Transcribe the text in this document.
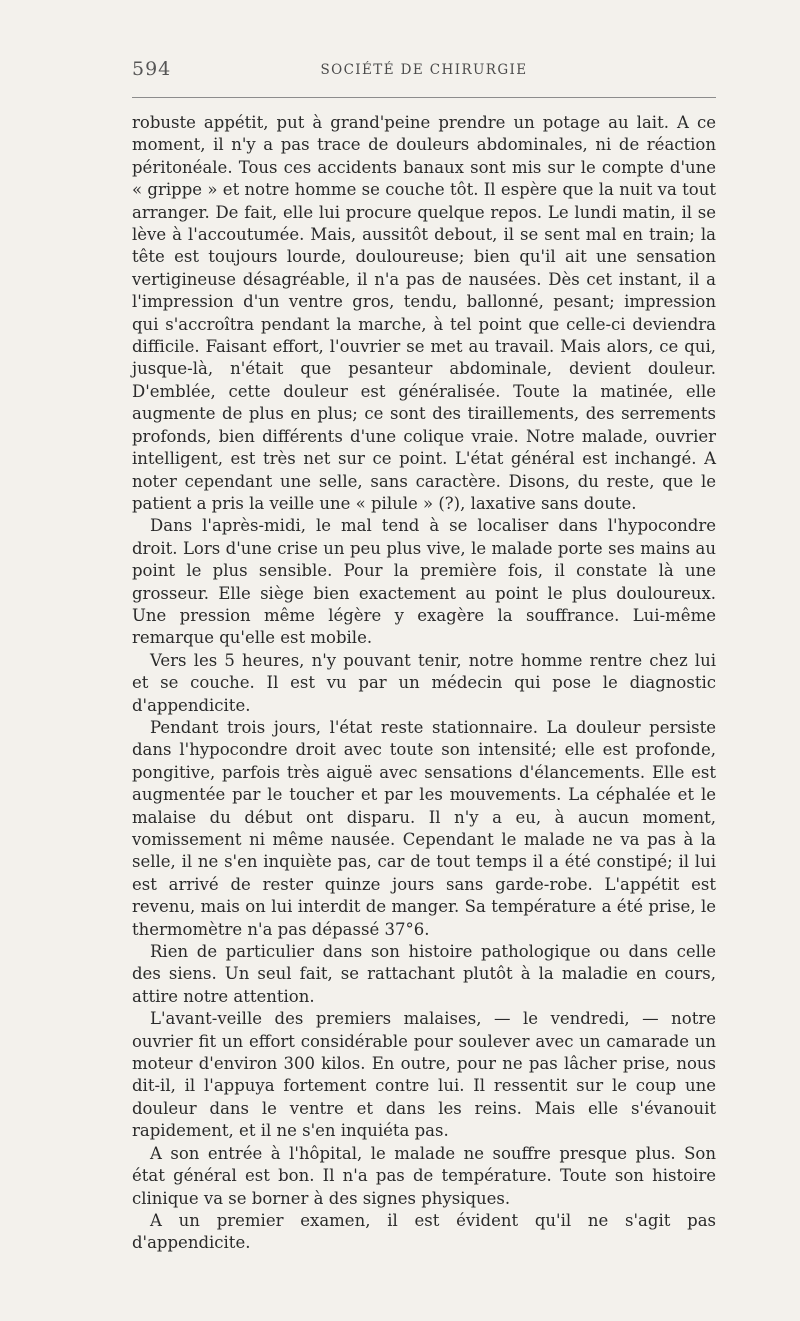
594	SOCIÉTÉ DE CHIRURGIE

robuste appétit, put à grand'peine prendre un potage au lait. A ce moment, il n'y a pas trace de douleurs abdominales, ni de réaction péritonéale. Tous ces accidents banaux sont mis sur le compte d'une « grippe » et notre homme se couche tôt. Il espère que la nuit va tout arranger. De fait, elle lui procure quelque repos. Le lundi matin, il se lève à l'accoutumée. Mais, aussitôt debout, il se sent mal en train; la tête est toujours lourde, douloureuse; bien qu'il ait une sensation vertigineuse désagréable, il n'a pas de nausées. Dès cet instant, il a l'impression d'un ventre gros, tendu, ballonné, pesant; impression qui s'accroîtra pendant la marche, à tel point que celle-ci deviendra difficile. Faisant effort, l'ouvrier se met au travail. Mais alors, ce qui, jusque-là, n'était que pesanteur abdominale, devient douleur. D'emblée, cette douleur est généralisée. Toute la matinée, elle augmente de plus en plus; ce sont des tiraillements, des serrements profonds, bien différents d'une colique vraie. Notre malade, ouvrier intelligent, est très net sur ce point. L'état général est inchangé. A noter cependant une selle, sans caractère. Disons, du reste, que le patient a pris la veille une « pilule » (?), laxative sans doute.

Dans l'après-midi, le mal tend à se localiser dans l'hypocondre droit. Lors d'une crise un peu plus vive, le malade porte ses mains au point le plus sensible. Pour la première fois, il constate là une grosseur. Elle siège bien exactement au point le plus douloureux. Une pression même légère y exagère la souffrance. Lui-même remarque qu'elle est mobile.

Vers les 5 heures, n'y pouvant tenir, notre homme rentre chez lui et se couche. Il est vu par un médecin qui pose le diagnostic d'appendicite.

Pendant trois jours, l'état reste stationnaire. La douleur persiste dans l'hypocondre droit avec toute son intensité; elle est profonde, pongitive, parfois très aiguë avec sensations d'élancements. Elle est augmentée par le toucher et par les mouvements. La céphalée et le malaise du début ont disparu. Il n'y a eu, à aucun moment, vomissement ni même nausée. Cependant le malade ne va pas à la selle, il ne s'en inquiète pas, car de tout temps il a été constipé; il lui est arrivé de rester quinze jours sans garde-robe. L'appétit est revenu, mais on lui interdit de manger. Sa température a été prise, le thermomètre n'a pas dépassé 37°6.

Rien de particulier dans son histoire pathologique ou dans celle des siens. Un seul fait, se rattachant plutôt à la maladie en cours, attire notre attention.

L'avant-veille des premiers malaises, — le vendredi, — notre ouvrier fit un effort considérable pour soulever avec un camarade un moteur d'environ 300 kilos. En outre, pour ne pas lâcher prise, nous dit-il, il l'appuya fortement contre lui. Il ressentit sur le coup une douleur dans le ventre et dans les reins. Mais elle s'évanouit rapidement, et il ne s'en inquiéta pas.

A son entrée à l'hôpital, le malade ne souffre presque plus. Son état général est bon. Il n'a pas de température. Toute son histoire clinique va se borner à des signes physiques.

A un premier examen, il est évident qu'il ne s'agit pas d'appendicite.
